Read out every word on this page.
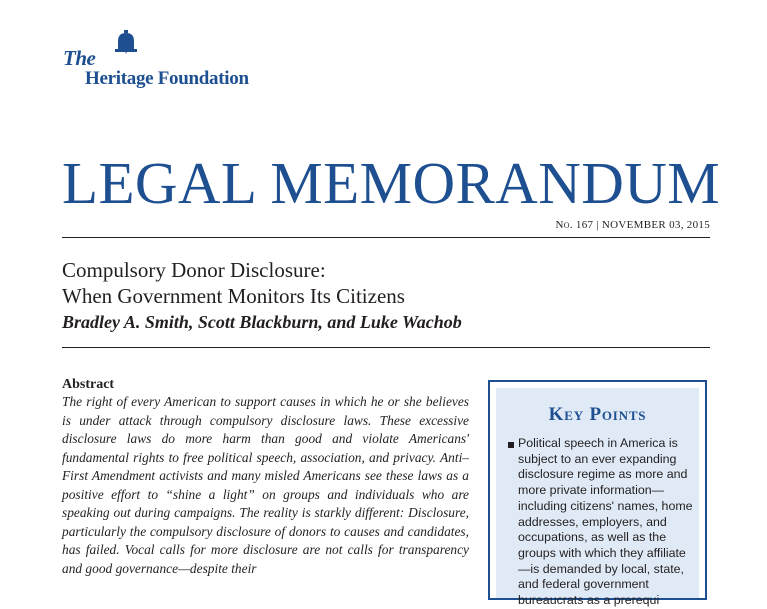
The
Heritage Foundation
LEGAL MEMORANDUM
No. 167 | NOVEMBER 03, 2015
Compulsory Donor Disclosure:
When Government Monitors Its Citizens
Bradley A. Smith, Scott Blackburn, and Luke Wachob
Abstract

The right of every American to support causes in which he or she believes is under attack through compulsory disclosure laws. These excessive disclosure laws do more harm than good and violate Americans' fundamental rights to free political speech, association, and privacy. Anti–First Amendment activists and many misled Americans see these laws as a positive effort to “shine a light” on groups and individuals who are speaking out during campaigns. The reality is starkly different: Disclosure, particularly the compulsory disclosure of donors to causes and candidates, has failed. Vocal calls for more disclosure are not calls for transparency and good governance—despite their

Key Points
Political speech in America is subject to an ever expanding disclosure regime as more and more private information—including citizens' names, home addresses, employers, and occupations, as well as the groups with which they affiliate—is demanded by local, state, and federal government bureaucrats as a prerequi
